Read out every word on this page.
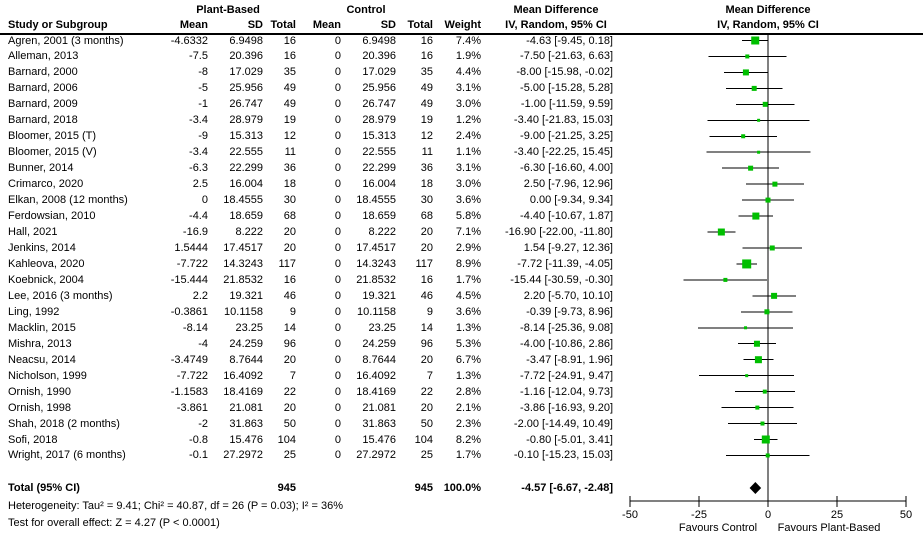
Plant-Based	Control	Mean Difference	Mean Difference
Study or Subgroup	Mean	SD Total Mean	SD Total Weight IV, Random, 95% CI	IV, Random, 95% CI
Agren, 2001 (3 months)	-4.6332 6.9498 16	0 6.9498 16 7.4%	-4.63 [-9.45, 0.18]
Alleman, 2013	-7.5 20.396 16	0 20.396 16 1.9%	-7.50 [-21.63, 6.63]
Barnard, 2000	-8 17.029 35	0 17.029 35 4.4%	-8.00 [-15.98, -0.02]
Barnard, 2006	-5 25.956 49	0 25.956 49 3.1%	-5.00 [-15.28, 5.28]
Barnard, 2009	-1 26.747 49	0 26.747 49 3.0%	-1.00 [-11.59, 9.59]
Barnard, 2018	-3.4 28.979 19	0 28.979 19 1.2%	-3.40 [-21.83, 15.03]
Bloomer, 2015 (T)	-9 15.313 12	0 15.313 12 2.4%	-9.00 [-21.25, 3.25]
Bloomer, 2015 (V)	-3.4 22.555 11	0 22.555 11 1.1%	-3.40 [-22.25, 15.45]
Bunner, 2014	-6.3 22.299 36	0 22.299 36 3.1%	-6.30 [-16.60, 4.00]
Crimarco, 2020	2.5 16.004 18	0 16.004 18 3.0%	2.50 [-7.96, 12.96]
Elkan, 2008 (12 months)	0 18.4555 30	0 18.4555 30 3.6%	0.00 [-9.34, 9.34]
Ferdowsian, 2010	-4.4 18.659 68	0 18.659 68 5.8%	-4.40 [-10.67, 1.87]
Hall, 2021	-16.9 8.222 20	0 8.222 20 7.1% -16.90 [-22.00, -11.80]
Jenkins, 2014	1.5444 17.4517 20	0 17.4517 20 2.9%	1.54 [-9.27, 12.36]
Kahleova, 2020	-7.722 14.3243 117	0 14.3243 117 8.9%	-7.72 [-11.39, -4.05]
Koebnick, 2004	-15.444 21.8532 16	0 21.8532 16 1.7%	-15.44 [-30.59, -0.30]
Lee, 2016 (3 months)	2.2 19.321 46	0 19.321 46 4.5%	2.20 [-5.70, 10.10]
Ling, 1992	-0.3861 10.1158 9	0 10.1158	9 3.6%	-0.39 [-9.73, 8.96]
Macklin, 2015	-8.14 23.25 14	0 23.25 14 1.3%	-8.14 [-25.36, 9.08]
Mishra, 2013	-4 24.259 96	0 24.259 96 5.3%	-4.00 [-10.86, 2.86]
Neacsu, 2014	-3.4749 8.7644 20	0 8.7644 20 6.7%	-3.47 [-8.91, 1.96]
Nicholson, 1999	-7.722 16.4092 7	0 16.4092	7 1.3%	-7.72 [-24.91, 9.47]
Ornish, 1990	-1.1583 18.4169 22	0 18.4169 22 2.8%	-1.16 [-12.04, 9.73]
Ornish, 1998	-3.861 21.081 20	0 21.081 20 2.1%	-3.86 [-16.93, 9.20]
Shah, 2018 (2 months)	-2 31.863 50	0 31.863 50 2.3%	-2.00 [-14.49, 10.49]
Sofi, 2018	-0.8 15.476 104	0 15.476 104 8.2%	-0.80 [-5.01, 3.41]
Wright, 2017 (6 months)	-0.1 27.2972 25	0 27.2972 25 1.7%	-0.10 [-15.23, 15.03]
Total (95% CI)	945	945 100.0%	-4.57 [-6.67, -2.48]
Heterogeneity: Tau² = 9.41; Chi² = 40.87, df = 26 (P = 0.03); I² = 36%
Test for overall effect: Z = 4.27 (P < 0.0001)
-50	-25	0	25	50
Favours Control Favours Plant-Based
